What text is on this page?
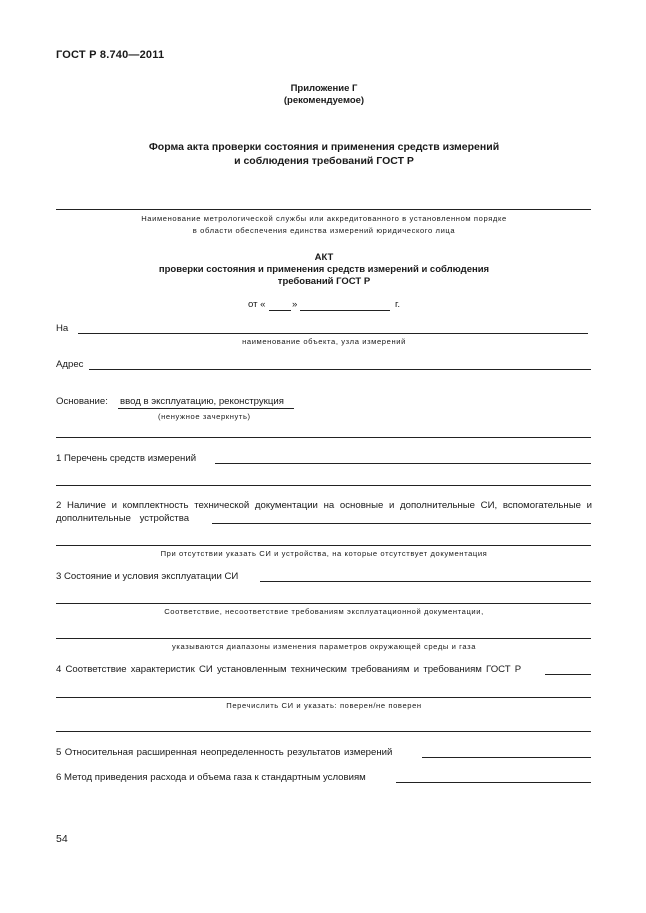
ГОСТ Р 8.740—2011
Приложение Г
(рекомендуемое)
Форма акта проверки состояния и применения средств измерений
и соблюдения требований ГОСТ Р
Наименование метрологической службы или аккредитованного в установленном порядке
в области обеспечения единства измерений юридического лица
АКТ
проверки состояния и применения средств измерений и соблюдения
требований ГОСТ Р
от «	»	г.
На
наименование объекта, узла измерений
Адрес
Основание: ввод в эксплуатацию, реконструкция
(ненужное зачеркнуть)
1 Перечень средств измерений
2 Наличие и комплектность технической документации на основные и дополнительные СИ, вспомогательные и
дополнительные устройства
При отсутствии указать СИ и устройства, на которые отсутствует документация
3 Состояние и условия эксплуатации СИ
Соответствие, несоответствие требованиям эксплуатационной документации,
указываются диапазоны изменения параметров окружающей среды и газа
4 Соответствие характеристик СИ установленным техническим требованиям и требованиям ГОСТ Р
Перечислить СИ и указать: поверен/не поверен
5 Относительная расширенная неопределенность результатов измерений
6 Метод приведения расхода и объема газа к стандартным условиям
54
